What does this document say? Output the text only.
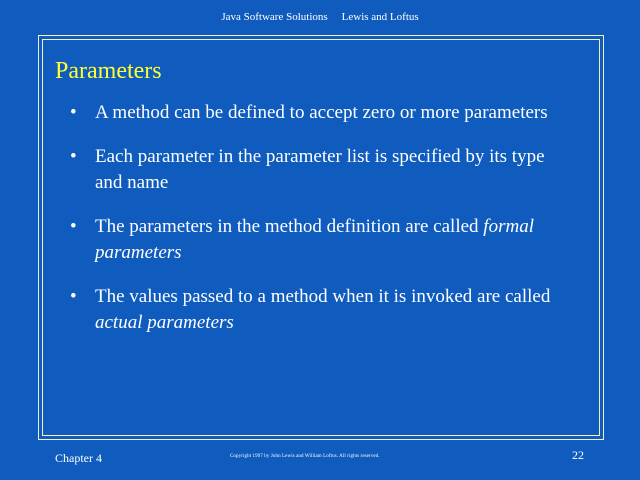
Java Software Solutions Lewis and Loftus
Parameters
• A method can be defined to accept zero or more parameters
• Each parameter in the parameter list is specified by its type and name
• The parameters in the method definition are called formal parameters
• The values passed to a method when it is invoked are called actual parameters
Chapter 4	Copyright 1997 by John Lewis and William Loftus. All rights reserved.	22
